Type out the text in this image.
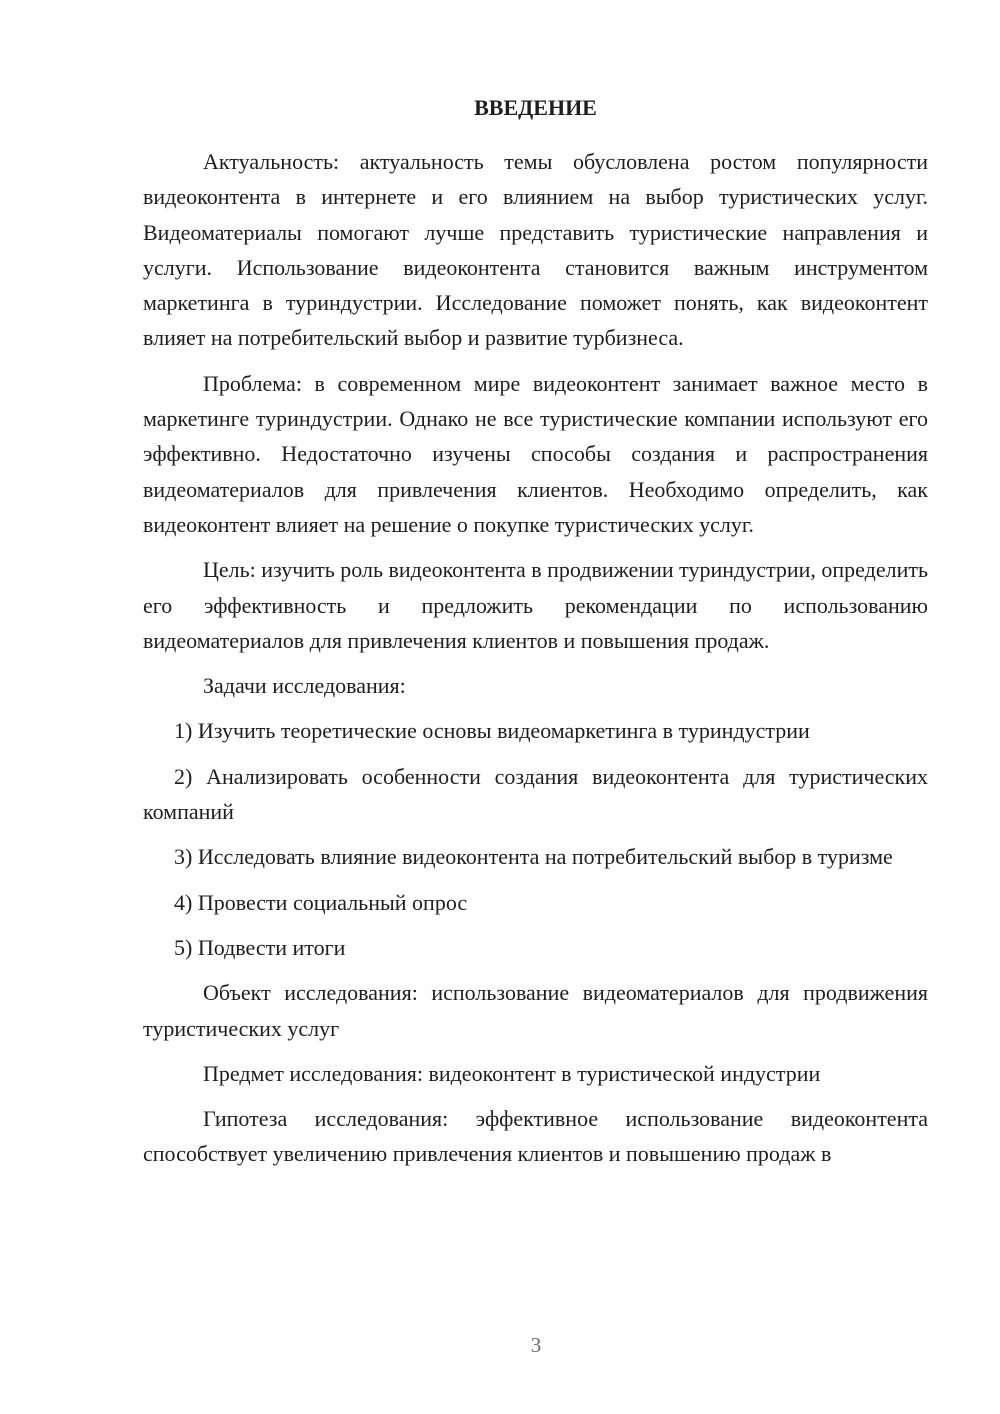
ВВЕДЕНИЕ

Актуальность: актуальность темы обусловлена ростом популярности видеоконтента в интернете и его влиянием на выбор туристических услуг. Видеоматериалы помогают лучше представить туристические направления и услуги. Использование видеоконтента становится важным инструментом маркетинга в туриндустрии. Исследование поможет понять, как видеоконтент влияет на потребительский выбор и развитие турбизнеса.

Проблема: в современном мире видеоконтент занимает важное место в маркетинге туриндустрии. Однако не все туристические компании используют его эффективно. Недостаточно изучены способы создания и распространения видеоматериалов для привлечения клиентов. Необходимо определить, как видеоконтент влияет на решение о покупке туристических услуг.

Цель: изучить роль видеоконтента в продвижении туриндустрии, определить его эффективность и предложить рекомендации по использованию видеоматериалов для привлечения клиентов и повышения продаж.

Задачи исследования:

1) Изучить теоретические основы видеомаркетинга в туриндустрии

2) Анализировать особенности создания видеоконтента для туристических компаний

3) Исследовать влияние видеоконтента на потребительский выбор в туризме

4) Провести социальный опрос

5) Подвести итоги

Объект исследования: использование видеоматериалов для продвижения туристических услуг

Предмет исследования: видеоконтент в туристической индустрии

Гипотеза исследования: эффективное использование видеоконтента способствует увеличению привлечения клиентов и повышению продаж в

3
